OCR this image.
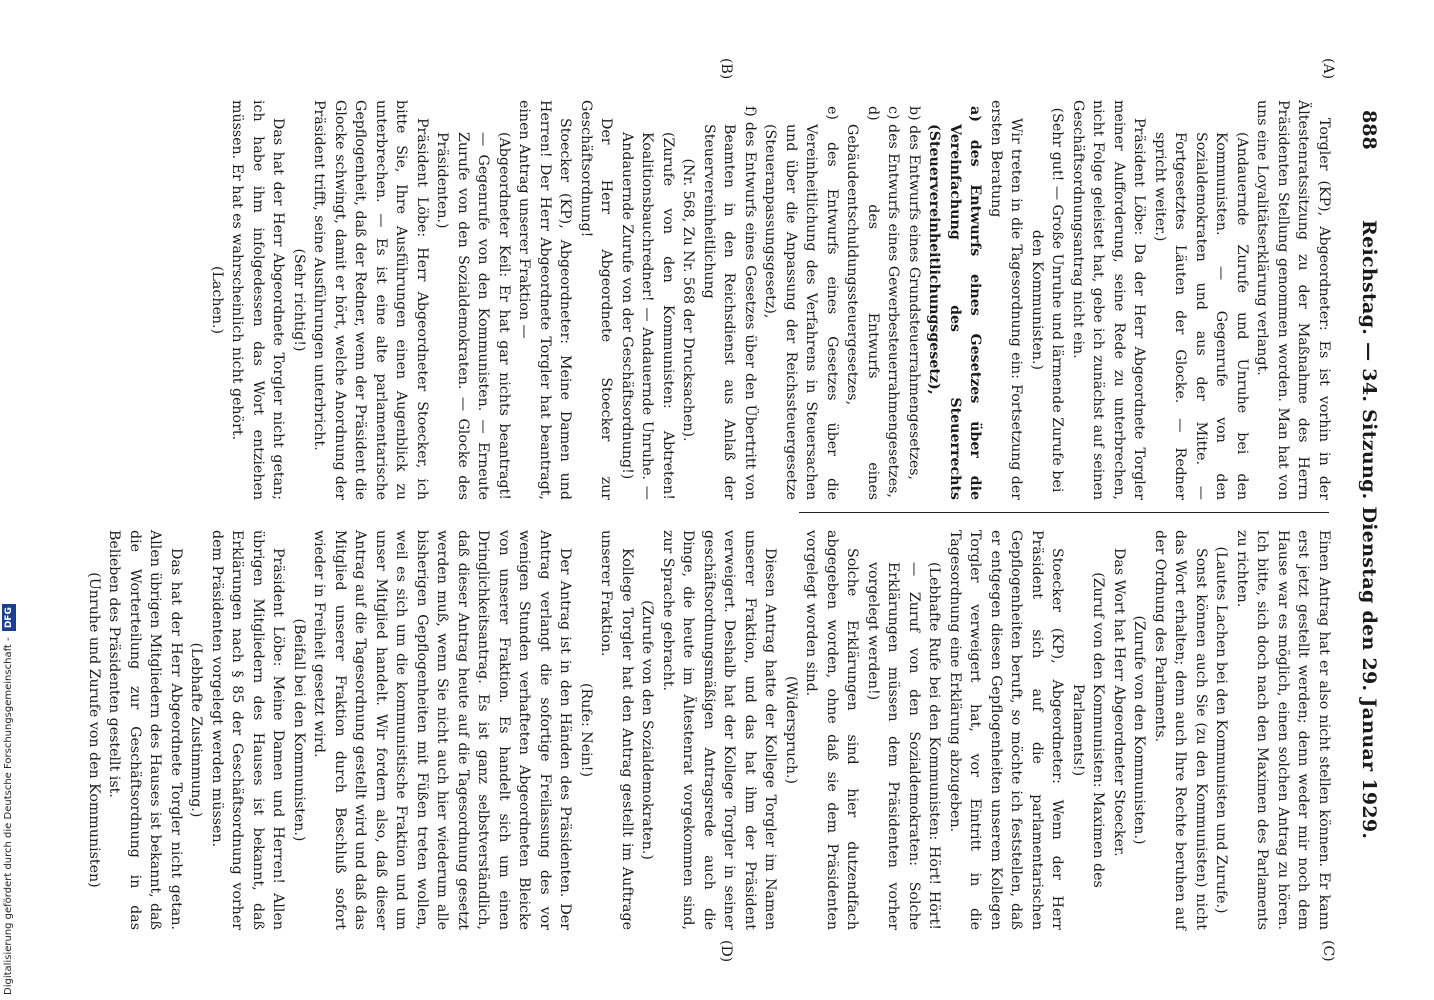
888
Reichstag. — 34. Sitzung. Dienstag den 29. Januar 1929.
(A)
(B)
(C)
(D)

Torgler (KP), Abgeordneter: Es ist vorhin in der Ältestenratssitzung zu der Maßnahme des Herrn Präsidenten Stellung genommen worden. Man hat von uns eine Loyalitätserklärung verlangt.

(Andauernde Zurufe und Unruhe bei den Kommunisten. — Gegenrufe von den Sozialdemokraten und aus der Mitte. — Fortgesetztes Läuten der Glocke. — Redner spricht weiter.)

Präsident Löbe: Da der Herr Abgeordnete Torgler meiner Aufforderung, seine Rede zu unterbrechen, nicht Folge geleistet hat, gebe ich zunächst auf seinen Geschäftsordnungsantrag nicht ein.

(Sehr gut! — Große Unruhe und lärmende Zurufe bei den Kommunisten.)

Wir treten in die Tagesordnung ein: Fortsetzung der ersten Beratung

a) des Entwurfs eines Gesetzes über die Vereinfachung des Steuerrechts (Steuervereinheitlichungsgesetz),

b) des Entwurfs eines Grundsteuerrahmengesetzes,

c) des Entwurfs eines Gewerbesteuerrahmengesetzes,

d) des Entwurfs eines Gebäudeentschuldungssteuergesetzes,

e) des Entwurfs eines Gesetzes über die Vereinheitlichung des Verfahrens in Steuersachen und über die Anpassung der Reichssteuergesetze (Steueranpassungsgesetz),

f) des Entwurfs eines Gesetzes über den Übertritt von Beamten in den Reichsdienst aus Anlaß der Steuervereinheitlichung

(Nr. 568, Zu Nr. 568 der Drucksachen).

(Zurufe von den Kommunisten: Abtreten! Koalitionsbauchredner! — Andauernde Unruhe. — Andauernde Zurufe von der Geschäftsordnung!)

Der Herr Abgeordnete Stoecker zur Geschäftsordnung!

Stoecker (KP), Abgeordneter: Meine Damen und Herren! Der Herr Abgeordnete Torgler hat beantragt, einen Antrag unserer Fraktion —

(Abgeordneter Keil: Er hat gar nichts beantragt! — Gegenrufe von den Kommunisten. — Erneute Zurufe von den Sozialdemokraten. — Glocke des Präsidenten.)

Präsident Löbe: Herr Abgeordneter Stoecker, ich bitte Sie, Ihre Ausführungen einen Augenblick zu unterbrechen. — Es ist eine alte parlamentarische Gepflogenheit, daß der Redner, wenn der Präsident die Glocke schwingt, damit er hört, welche Anordnung der Präsident trifft, seine Ausführungen unterbricht.

(Sehr richtig!)

Das hat der Herr Abgeordnete Torgler nicht getan; ich habe ihm infolgedessen das Wort entziehen müssen. Er hat es wahrscheinlich nicht gehört.

(Lachen.)

Einen Antrag hat er also nicht stellen können. Er kann erst jetzt gestellt werden; denn weder mir noch dem Hause war es möglich, einen solchen Antrag zu hören. Ich bitte, sich doch nach den Maximen des Parlaments zu richten.

(Lautes Lachen bei den Kommunisten und Zurufe.)

Sonst können auch Sie (zu den Kommunisten) nicht das Wort erhalten; denn auch Ihre Rechte beruhen auf der Ordnung des Parlaments.

(Zurufe von den Kommunisten.)

Das Wort hat Herr Abgeordneter Stoecker.

(Zuruf von den Kommunisten: Maximen des Parlaments!)

Stoecker (KP), Abgeordneter: Wenn der Herr Präsident sich auf die parlamentarischen Gepflogenheiten beruft, so möchte ich feststellen, daß er entgegen diesen Gepflogenheiten unserem Kollegen Torgler verweigert hat, vor Eintritt in die Tagesordnung eine Erklärung abzugeben.

(Lebhafte Rufe bei den Kommunisten: Hört! Hört! — Zuruf von den Sozialdemokraten: Solche Erklärungen müssen dem Präsidenten vorher vorgelegt werden!)

Solche Erklärungen sind hier dutzendfach abgegeben worden, ohne daß sie dem Präsidenten vorgelegt worden sind.

(Widerspruch.)

Diesen Antrag hatte der Kollege Torgler im Namen unserer Fraktion, und das hat ihm der Präsident verweigert. Deshalb hat der Kollege Torgler in seiner geschäftsordnungsmäßigen Antragsrede auch die Dinge, die heute im Ältestenrat vorgekommen sind, zur Sprache gebracht.

(Zurufe von den Sozialdemokraten.)

Kollege Torgler hat den Antrag gestellt im Auftrage unserer Fraktion.

(Rufe: Nein!)

Der Antrag ist in den Händen des Präsidenten. Der Antrag verlangt die sofortige Freilassung des vor wenigen Stunden verhafteten Abgeordneten Bleicke von unserer Fraktion. Es handelt sich um einen Dringlichkeitsantrag. Es ist ganz selbstverständlich, daß dieser Antrag heute auf die Tagesordnung gesetzt werden muß, wenn Sie nicht auch hier wiederum alle bisherigen Gepflogenheiten mit Füßen treten wollen, weil es sich um die kommunistische Fraktion und um unser Mitglied handelt. Wir fordern also, daß dieser Antrag auf die Tagesordnung gestellt wird und daß das Mitglied unserer Fraktion durch Beschluß sofort wieder in Freiheit gesetzt wird.

(Beifall bei den Kommunisten.)

Präsident Löbe: Meine Damen und Herren! Allen übrigen Mitgliedern des Hauses ist bekannt, daß Erklärungen nach § 85 der Geschäftsordnung vorher dem Präsidenten vorgelegt werden müssen.

(Lebhafte Zustimmung.)

Das hat der Herr Abgeordnete Torgler nicht getan. Allen übrigen Mitgliedern des Hauses ist bekannt, daß die Worterteilung zur Geschäftsordnung in das Belieben des Präsidenten gestellt ist.

(Unruhe und Zurufe von den Kommunisten)

Digitalisierung gefördert durch die Deutsche Forschungsgemeinschaft - DFG
